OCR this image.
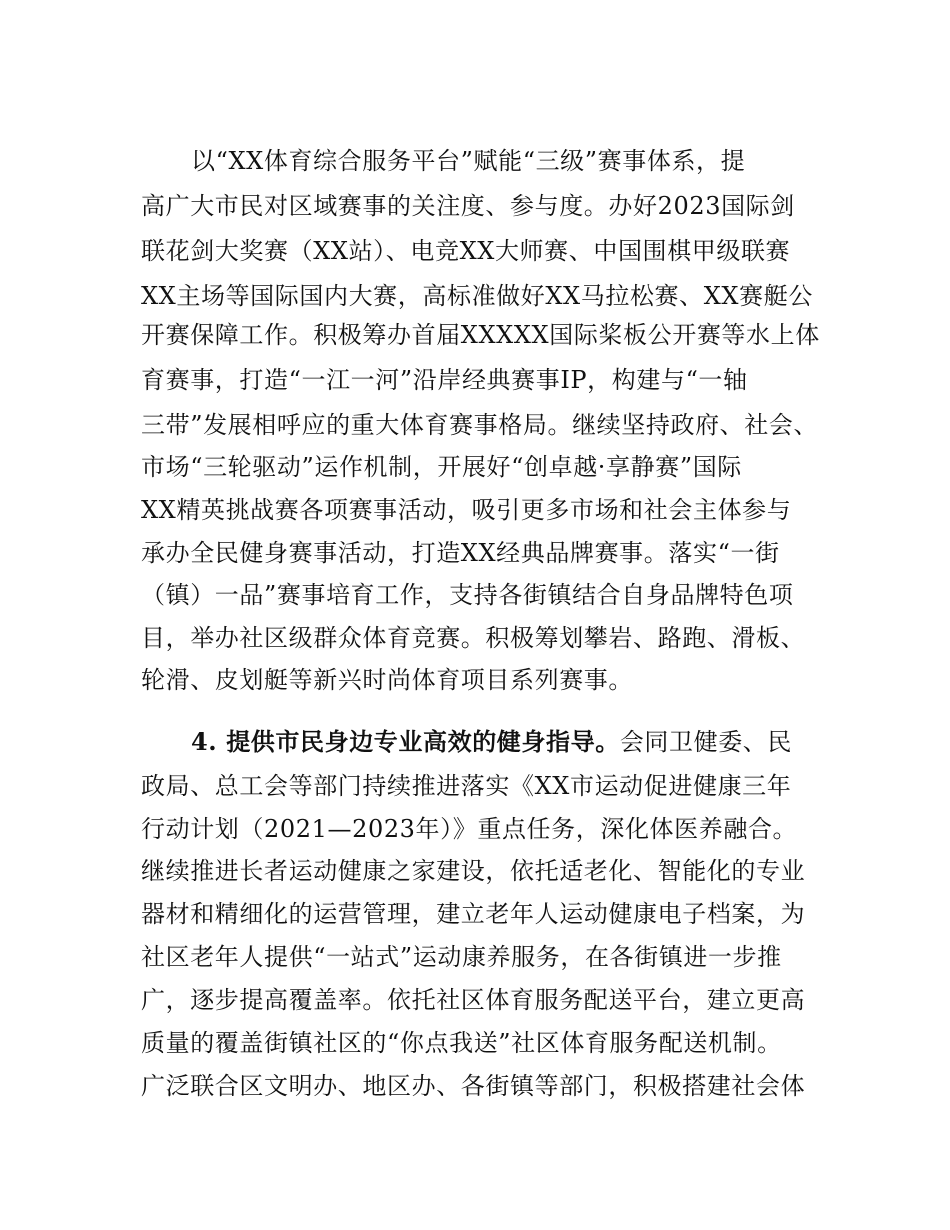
以“XX体育综合服务平台”赋能“三级”赛事体系，提
高广大市民对区域赛事的关注度、参与度。办好2023国际剑
联花剑大奖赛（XX站）、电竞XX大师赛、中国围棋甲级联赛
XX主场等国际国内大赛，高标准做好XX马拉松赛、XX赛艇公
开赛保障工作。积极筹办首届XXXXX国际桨板公开赛等水上体
育赛事，打造“一江一河”沿岸经典赛事IP，构建与“一轴
三带”发展相呼应的重大体育赛事格局。继续坚持政府、社会、
市场“三轮驱动”运作机制，开展好“创卓越·享静赛”国际
XX精英挑战赛各项赛事活动，吸引更多市场和社会主体参与
承办全民健身赛事活动，打造XX经典品牌赛事。落实“一街
（镇）一品”赛事培育工作，支持各街镇结合自身品牌特色项
目，举办社区级群众体育竞赛。积极筹划攀岩、路跑、滑板、
轮滑、皮划艇等新兴时尚体育项目系列赛事。
4. 提供市民身边专业高效的健身指导。会同卫健委、民
政局、总工会等部门持续推进落实《XX市运动促进健康三年
行动计划（2021—2023年）》重点任务，深化体医养融合。
继续推进长者运动健康之家建设，依托适老化、智能化的专业
器材和精细化的运营管理，建立老年人运动健康电子档案，为
社区老年人提供“一站式”运动康养服务，在各街镇进一步推
广，逐步提高覆盖率。依托社区体育服务配送平台，建立更高
质量的覆盖街镇社区的“你点我送”社区体育服务配送机制。
广泛联合区文明办、地区办、各街镇等部门，积极搭建社会体
